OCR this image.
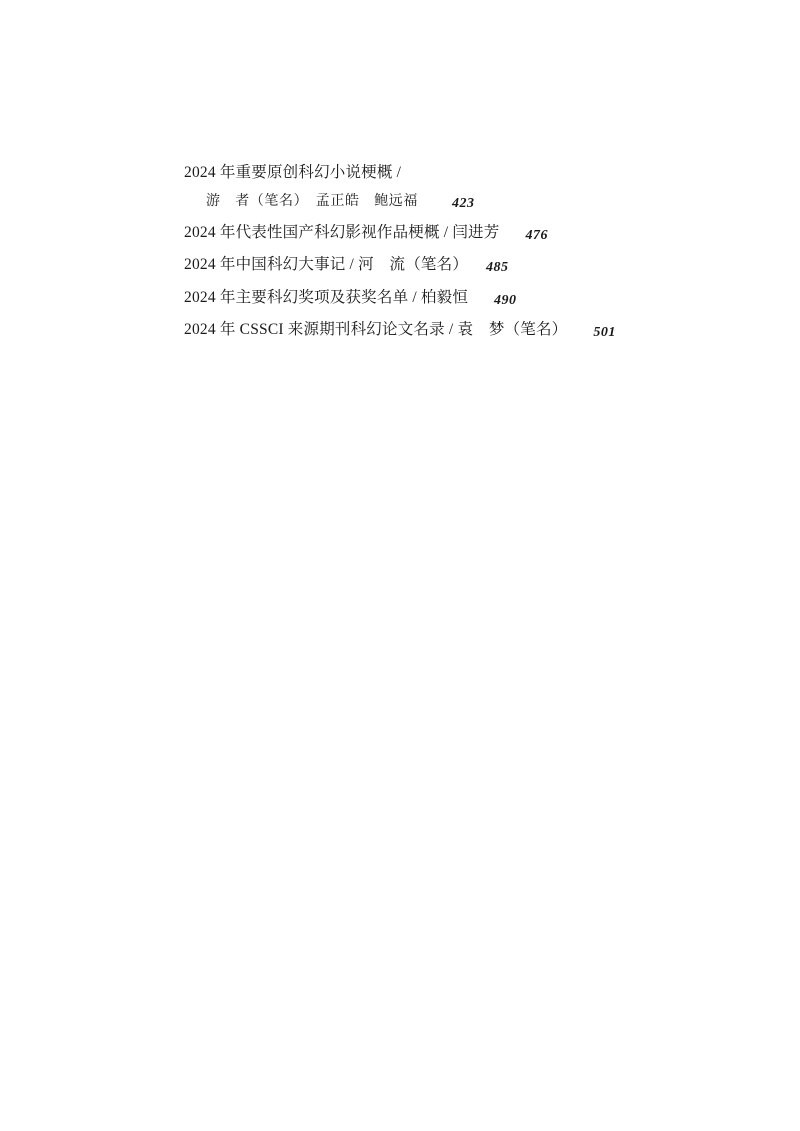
2024 年重要原创科幻小说梗概 /
游　者（笔名）　孟正皓　鲍远福 423
2024 年代表性国产科幻影视作品梗概 / 闫进芳 476
2024 年中国科幻大事记 / 河　流（笔名） 485
2024 年主要科幻奖项及获奖名单 / 柏毅恒 490
2024 年 CSSCI 来源期刊科幻论文名录 / 袁　梦（笔名） 501
